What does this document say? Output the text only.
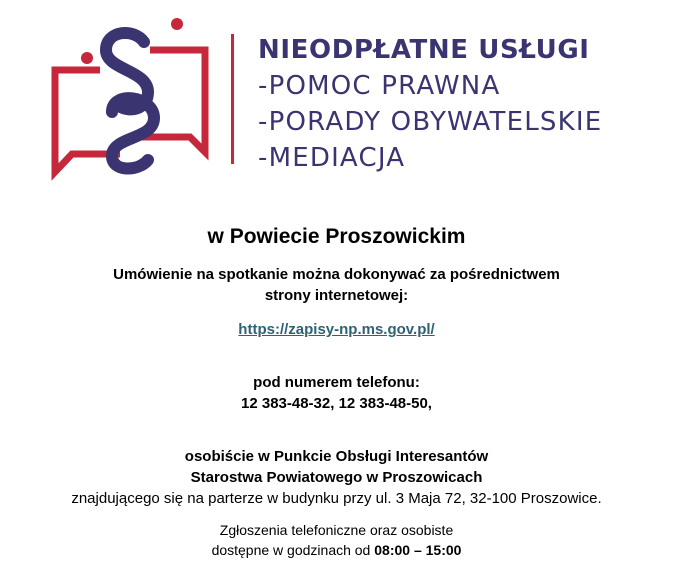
NIEODPŁATNE USŁUGI
-POMOC PRAWNA
-PORADY OBYWATELSKIE
-MEDIACJA

w Powiecie Proszowickim

Umówienie na spotkanie można dokonywać za pośrednictwem

strony internetowej:

https://zapisy-np.ms.gov.pl/

pod numerem telefonu:

12 383-48-32, 12 383-48-50,

osobiście w Punkcie Obsługi Interesantów

Starostwa Powiatowego w Proszowicach

znajdującego się na parterze w budynku przy ul. 3 Maja 72, 32-100 Proszowice.

Zgłoszenia telefoniczne oraz osobiste

dostępne w godzinach od 08:00 – 15:00
